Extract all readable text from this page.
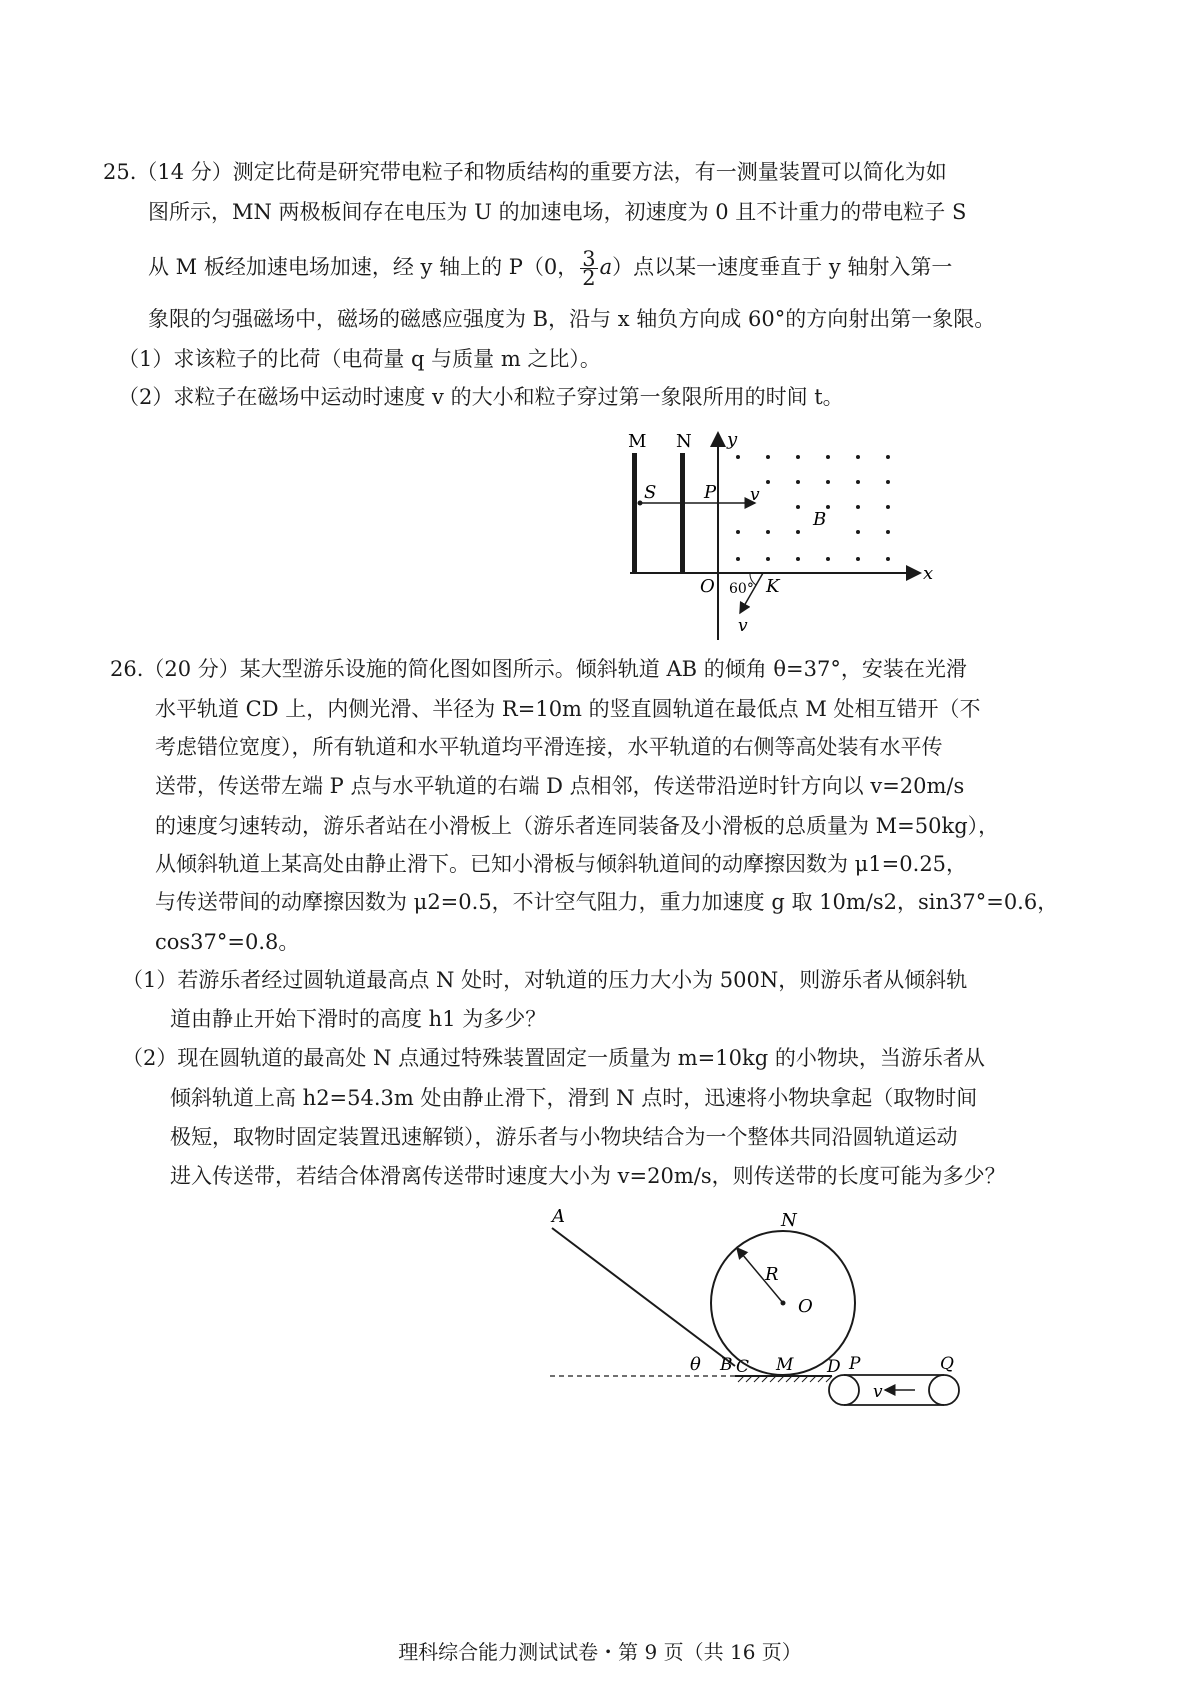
25.（14 分）测定比荷是研究带电粒子和物质结构的重要方法，有一测量装置可以简化为如
图所示，MN 两极板间存在电压为 U 的加速电场，初速度为 0 且不计重力的带电粒子 S
从 M 板经加速电场加速，经 y 轴上的 P（0， $\frac{3}{2} a$）点以某一速度垂直于 y 轴射入第一
象限的匀强磁场中，磁场的磁感应强度为 B，沿与 x 轴负方向成 60°的方向射出第一象限。
（1）求该粒子的比荷（电荷量 q 与质量 m 之比）。
（2）求粒子在磁场中运动时速度 v 的大小和粒子穿过第一象限所用的时间 t。
M N y
x
O
S	P v
B
60° K
v
26.（20 分）某大型游乐设施的简化图如图所示。倾斜轨道 AB 的倾角 θ=37°，安装在光滑
水平轨道 CD 上，内侧光滑、半径为 R=10m 的竖直圆轨道在最低点 M 处相互错开（不
考虑错位宽度），所有轨道和水平轨道均平滑连接，水平轨道的右侧等高处装有水平传
送带，传送带左端 P 点与水平轨道的右端 D 点相邻，传送带沿逆时针方向以 v=20m/s
的速度匀速转动，游乐者站在小滑板上（游乐者连同装备及小滑板的总质量为 M=50kg），
从倾斜轨道上某高处由静止滑下。已知小滑板与倾斜轨道间的动摩擦因数为 μ1=0.25，
与传送带间的动摩擦因数为 μ2=0.5，不计空气阻力，重力加速度 g 取 10m/s2，sin37°=0.6，
cos37°=0.8。
（1）若游乐者经过圆轨道最高点 N 处时，对轨道的压力大小为 500N，则游乐者从倾斜轨
道由静止开始下滑时的高度 h1 为多少？
（2）现在圆轨道的最高处 N 点通过特殊装置固定一质量为 m=10kg 的小物块，当游乐者从
倾斜轨道上高 h2=54.3m 处由静止滑下，滑到 N 点时，迅速将小物块拿起（取物时间
极短，取物时固定装置迅速解锁），游乐者与小物块结合为一个整体共同沿圆轨道运动
进入传送带，若结合体滑离传送带时速度大小为 v=20m/s，则传送带的长度可能为多少？
A
θ B C M D
R
O
N
v
P	Q
理科综合能力测试试卷・第 9 页（共 16 页）
